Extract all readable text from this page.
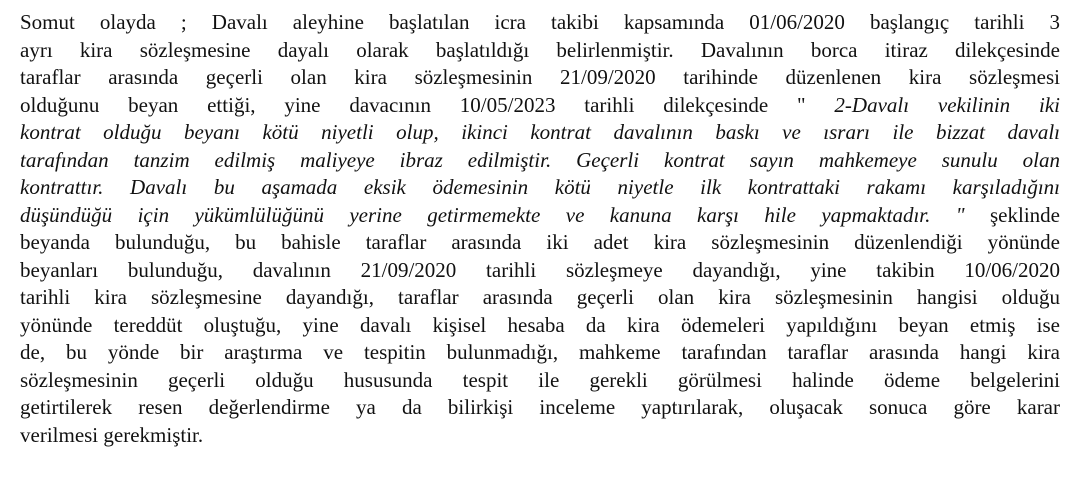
Somut olayda ; Davalı aleyhine başlatılan icra takibi kapsamında 01/06/2020 başlangıç tarihli 3
ayrı kira sözleşmesine dayalı olarak başlatıldığı belirlenmiştir. Davalının borca itiraz dilekçesinde
taraflar arasında geçerli olan kira sözleşmesinin 21/09/2020 tarihinde düzenlenen kira sözleşmesi
olduğunu beyan ettiği, yine davacının 10/05/2023 tarihli dilekçesinde " 2-Davalı vekilinin iki
kontrat olduğu beyanı kötü niyetli olup, ikinci kontrat davalının baskı ve ısrarı ile bizzat davalı
tarafından tanzim edilmiş maliyeye ibraz edilmiştir. Geçerli kontrat sayın mahkemeye sunulu olan
kontrattır. Davalı bu aşamada eksik ödemesinin kötü niyetle ilk kontrattaki rakamı karşıladığını
düşündüğü için yükümlülüğünü yerine getirmemekte ve kanuna karşı hile yapmaktadır. " şeklinde
beyanda bulunduğu, bu bahisle taraflar arasında iki adet kira sözleşmesinin düzenlendiği yönünde
beyanları bulunduğu, davalının 21/09/2020 tarihli sözleşmeye dayandığı, yine takibin 10/06/2020
tarihli kira sözleşmesine dayandığı, taraflar arasında geçerli olan kira sözleşmesinin hangisi olduğu
yönünde tereddüt oluştuğu, yine davalı kişisel hesaba da kira ödemeleri yapıldığını beyan etmiş ise
de, bu yönde bir araştırma ve tespitin bulunmadığı, mahkeme tarafından taraflar arasında hangi kira
sözleşmesinin geçerli olduğu hususunda tespit ile gerekli görülmesi halinde ödeme belgelerini
getirtilerek resen değerlendirme ya da bilirkişi inceleme yaptırılarak, oluşacak sonuca göre karar
verilmesi gerekmiştir.
